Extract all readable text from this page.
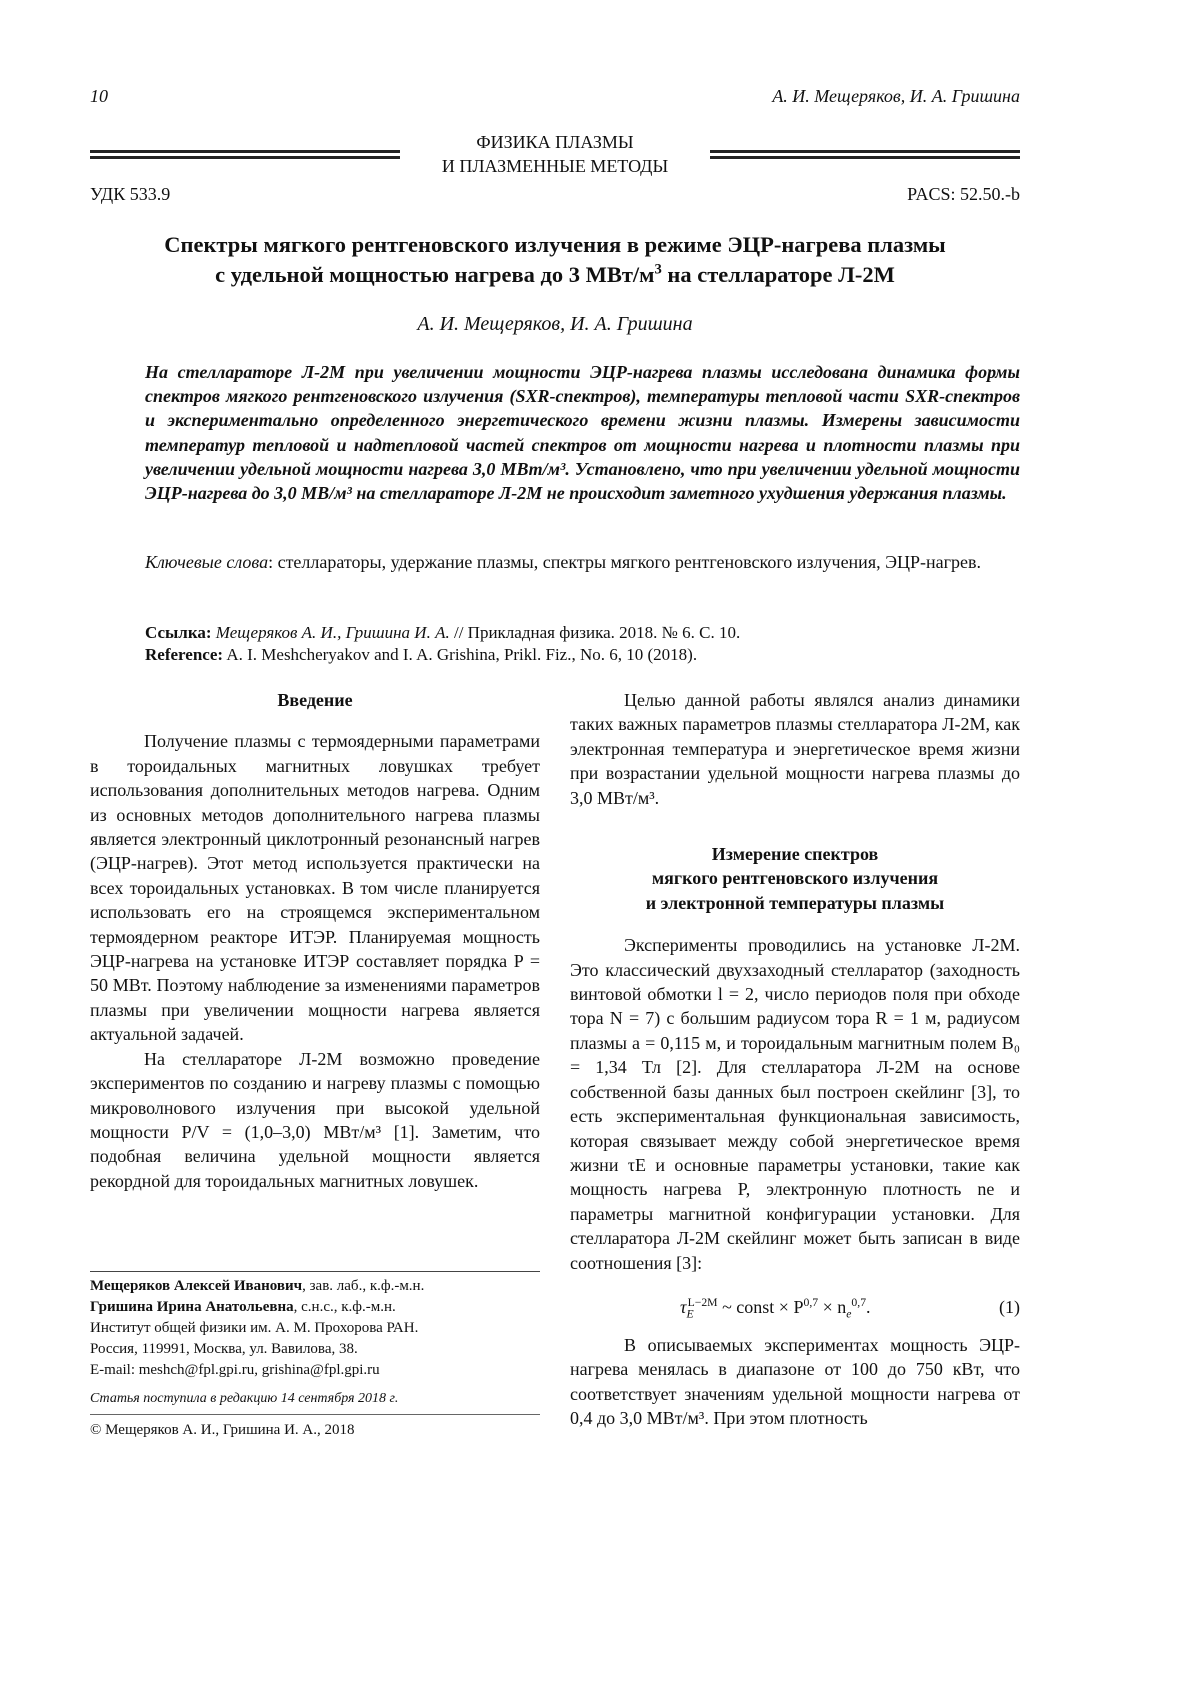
10	А. И. Мещеряков, И. А. Гришина
ФИЗИКА ПЛАЗМЫ
И ПЛАЗМЕННЫЕ МЕТОДЫ
УДК 533.9	PACS: 52.50.-b
Спектры мягкого рентгеновского излучения в режиме ЭЦР-нагрева плазмы
с удельной мощностью нагрева до 3 МВт/м3 на стеллараторе Л-2М
А. И. Мещеряков, И. А. Гришина
На стеллараторе Л-2М при увеличении мощности ЭЦР-нагрева плазмы исследована динамика формы спектров мягкого рентгеновского излучения (SXR-спектров), температуры тепловой части SXR-спектров и экспериментально определенного энергетического времени жизни плазмы. Измерены зависимости температур тепловой и надтепловой частей спектров от мощности нагрева и плотности плазмы при увеличении удельной мощности нагрева 3,0 МВт/м³. Установлено, что при увеличении удельной мощности ЭЦР-нагрева до 3,0 МВ/м³ на стеллараторе Л-2М не происходит заметного ухудшения удержания плазмы.
Ключевые слова: стеллараторы, удержание плазмы, спектры мягкого рентгеновского излучения, ЭЦР-нагрев.
Ссылка: Мещеряков А. И., Гришина И. А. // Прикладная физика. 2018. № 6. С. 10.
Reference: A. I. Meshcheryakov and I. A. Grishina, Prikl. Fiz., No. 6, 10 (2018).
Введение

Получение плазмы с термоядерными параметрами в тороидальных магнитных ловушках требует использования дополнительных методов нагрева. Одним из основных методов дополнительного нагрева плазмы является электронный циклотронный резонансный нагрев (ЭЦР-нагрев). Этот метод используется практически на всех тороидальных установках. В том числе планируется использовать его на строящемся экспериментальном термоядерном реакторе ИТЭР. Планируемая мощность ЭЦР-нагрева на установке ИТЭР составляет порядка P = 50 МВт. Поэтому наблюдение за изменениями параметров плазмы при увеличении мощности нагрева является актуальной задачей.

На стеллараторе Л-2М возможно проведение экспериментов по созданию и нагреву плазмы с помощью микроволнового излучения при высокой удельной мощности P/V = (1,0–3,0) МВт/м³ [1]. Заметим, что подобная величина удельной мощности является рекордной для тороидальных магнитных ловушек.

Мещеряков Алексей Иванович, зав. лаб., к.ф.-м.н.
Гришина Ирина Анатольевна, с.н.с., к.ф.-м.н.
Институт общей физики им. А. М. Прохорова РАН.
Россия, 119991, Москва, ул. Вавилова, 38.
E-mail: meshch@fpl.gpi.ru, grishina@fpl.gpi.ru
Статья поступила в редакцию 14 сентября 2018 г.
© Мещеряков А. И., Гришина И. А., 2018

Целью данной работы являлся анализ динамики таких важных параметров плазмы стелларатора Л-2М, как электронная температура и энергетическое время жизни при возрастании удельной мощности нагрева плазмы до 3,0 МВт/м³.

Измерение спектров
мягкого рентгеновского излучения
и электронной температуры плазмы

Эксперименты проводились на установке Л-2М. Это классический двухзаходный стелларатор (заходность винтовой обмотки l = 2, число периодов поля при обходе тора N = 7) с большим радиусом тора R = 1 м, радиусом плазмы a = 0,115 м, и тороидальным магнитным полем B₀ = 1,34 Тл [2]. Для стелларатора Л-2М на основе собственной базы данных был построен скейлинг [3], то есть экспериментальная функциональная зависимость, которая связывает между собой энергетическое время жизни τE и основные параметры установки, такие как мощность нагрева P, электронную плотность ne и параметры магнитной конфигурации установки. Для стелларатора Л-2М скейлинг может быть записан в виде соотношения [3]:

τEL−2M ~ const × P0,7 × ne0,7.	(1)

В описываемых экспериментах мощность ЭЦР-нагрева менялась в диапазоне от 100 до 750 кВт, что соответствует значениям удельной мощности нагрева от 0,4 до 3,0 МВт/м³. При этом плотность
